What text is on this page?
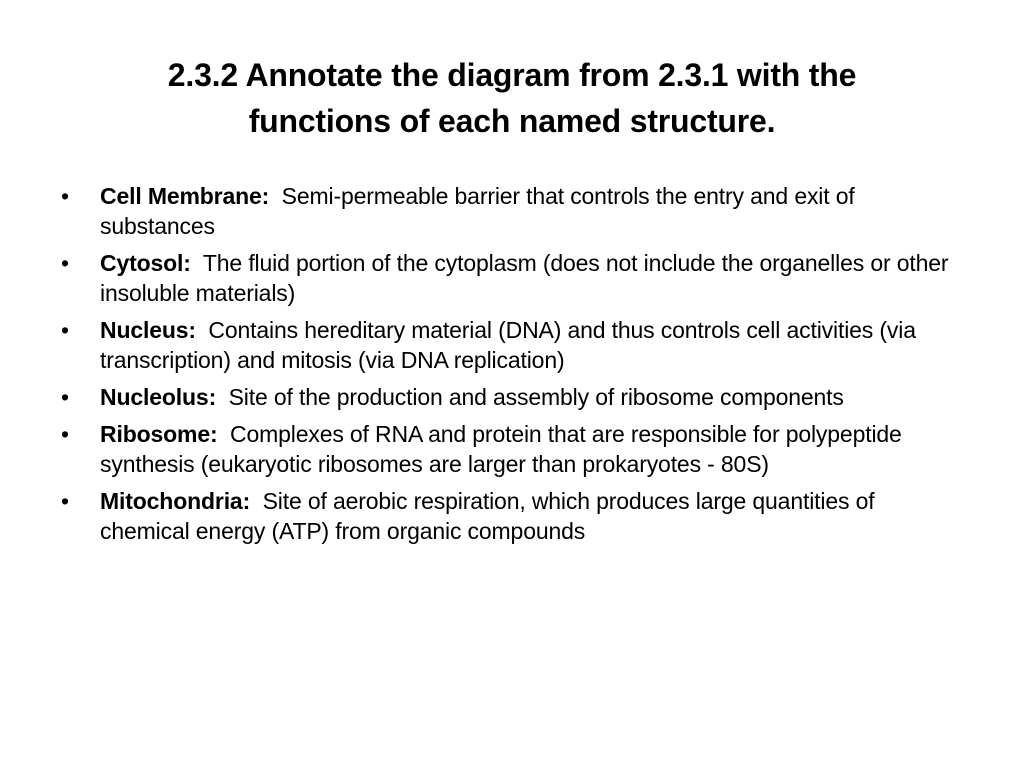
2.3.2 Annotate the diagram from 2.3.1 with the
functions of each named structure.
• Cell Membrane: Semi-permeable barrier that controls the entry and exit of substances
• Cytosol: The fluid portion of the cytoplasm (does not include the organelles or other insoluble materials)
• Nucleus: Contains hereditary material (DNA) and thus controls cell activities (via transcription) and mitosis (via DNA replication)
• Nucleolus: Site of the production and assembly of ribosome components
• Ribosome: Complexes of RNA and protein that are responsible for polypeptide synthesis (eukaryotic ribosomes are larger than prokaryotes - 80S)
• Mitochondria: Site of aerobic respiration, which produces large quantities of chemical energy (ATP) from organic compounds
